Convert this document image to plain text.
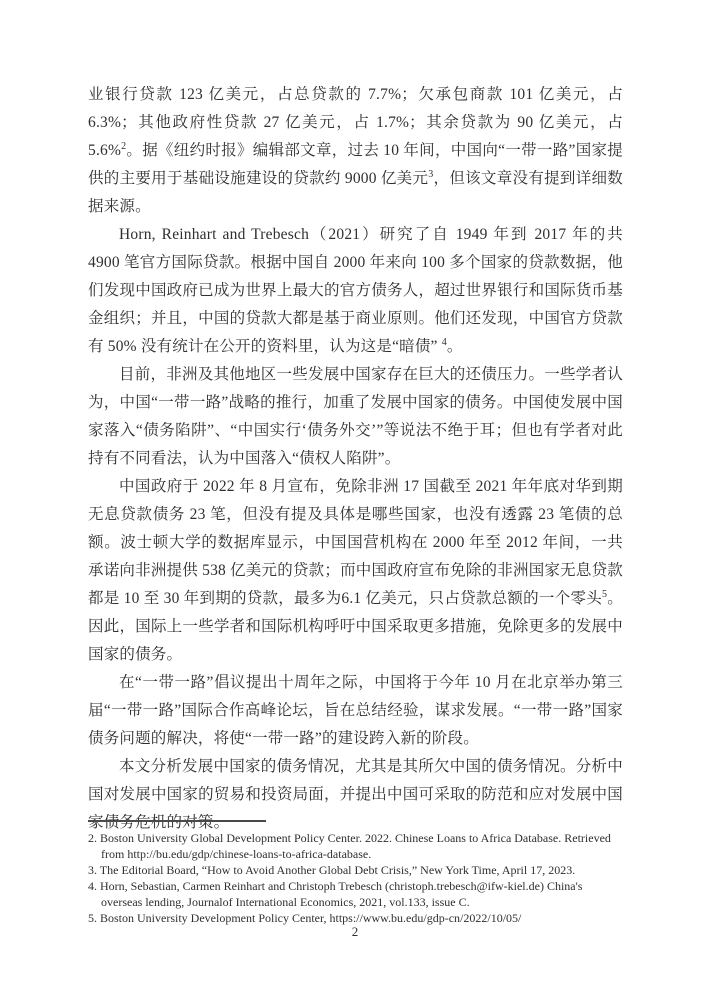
业银行贷款 123 亿美元，占总贷款的 7.7%；欠承包商款 101 亿美元，占 6.3%；其他政府性贷款 27 亿美元，占 1.7%；其余贷款为 90 亿美元，占 5.6%$^2$。据《纽约时报》编辑部文章，过去 10 年间，中国向“一带一路”国家提供的主要用于基础设施建设的贷款约 9000 亿美元$^3$，但该文章没有提到详细数据来源。

Horn, Reinhart and Trebesch（2021）研究了自 1949 年到 2017 年的共 4900 笔官方国际贷款。根据中国自 2000 年来向 100 多个国家的贷款数据，他们发现中国政府已成为世界上最大的官方债务人，超过世界银行和国际货币基金组织；并且，中国的贷款大都是基于商业原则。他们还发现，中国官方贷款有 50% 没有统计在公开的资料里，认为这是“暗债” $^4$。

目前，非洲及其他地区一些发展中国家存在巨大的还债压力。一些学者认为，中国“一带一路”战略的推行，加重了发展中国家的债务。中国使发展中国家落入“债务陷阱”、“中国实行‘债务外交’”等说法不绝于耳；但也有学者对此持有不同看法，认为中国落入“债权人陷阱”。

中国政府于 2022 年 8 月宣布，免除非洲 17 国截至 2021 年年底对华到期无息贷款债务 23 笔，但没有提及具体是哪些国家，也没有透露 23 笔债的总额。波士顿大学的数据库显示，中国国营机构在 2000 年至 2012 年间，一共承诺向非洲提供 538 亿美元的贷款；而中国政府宣布免除的非洲国家无息贷款都是 10 至 30 年到期的贷款，最多为6.1 亿美元，只占贷款总额的一个零头$^5$。因此，国际上一些学者和国际机构呼吁中国采取更多措施，免除更多的发展中国家的债务。

在“一带一路”倡议提出十周年之际，中国将于今年 10 月在北京举办第三届“一带一路”国际合作高峰论坛，旨在总结经验，谋求发展。“一带一路”国家债务问题的解决，将使“一带一路”的建设跨入新的阶段。

本文分析发展中国家的债务情况，尤其是其所欠中国的债务情况。分析中国对发展中国家的贸易和投资局面，并提出中国可采取的防范和应对发展中国家债务危机的对策。

2. Boston University Global Development Policy Center. 2022. Chinese Loans to Africa Database. Retrieved from http://bu.edu/gdp/chinese-loans-to-africa-database.
3. The Editorial Board, “How to Avoid Another Global Debt Crisis,” New York Time, April 17, 2023.
4. Horn, Sebastian, Carmen Reinhart and Christoph Trebesch (christoph.trebesch@ifw-kiel.de) China's overseas lending, Journalof International Economics, 2021, vol.133, issue C.
5. Boston University Development Policy Center, https://www.bu.edu/gdp-cn/2022/10/05/
2
